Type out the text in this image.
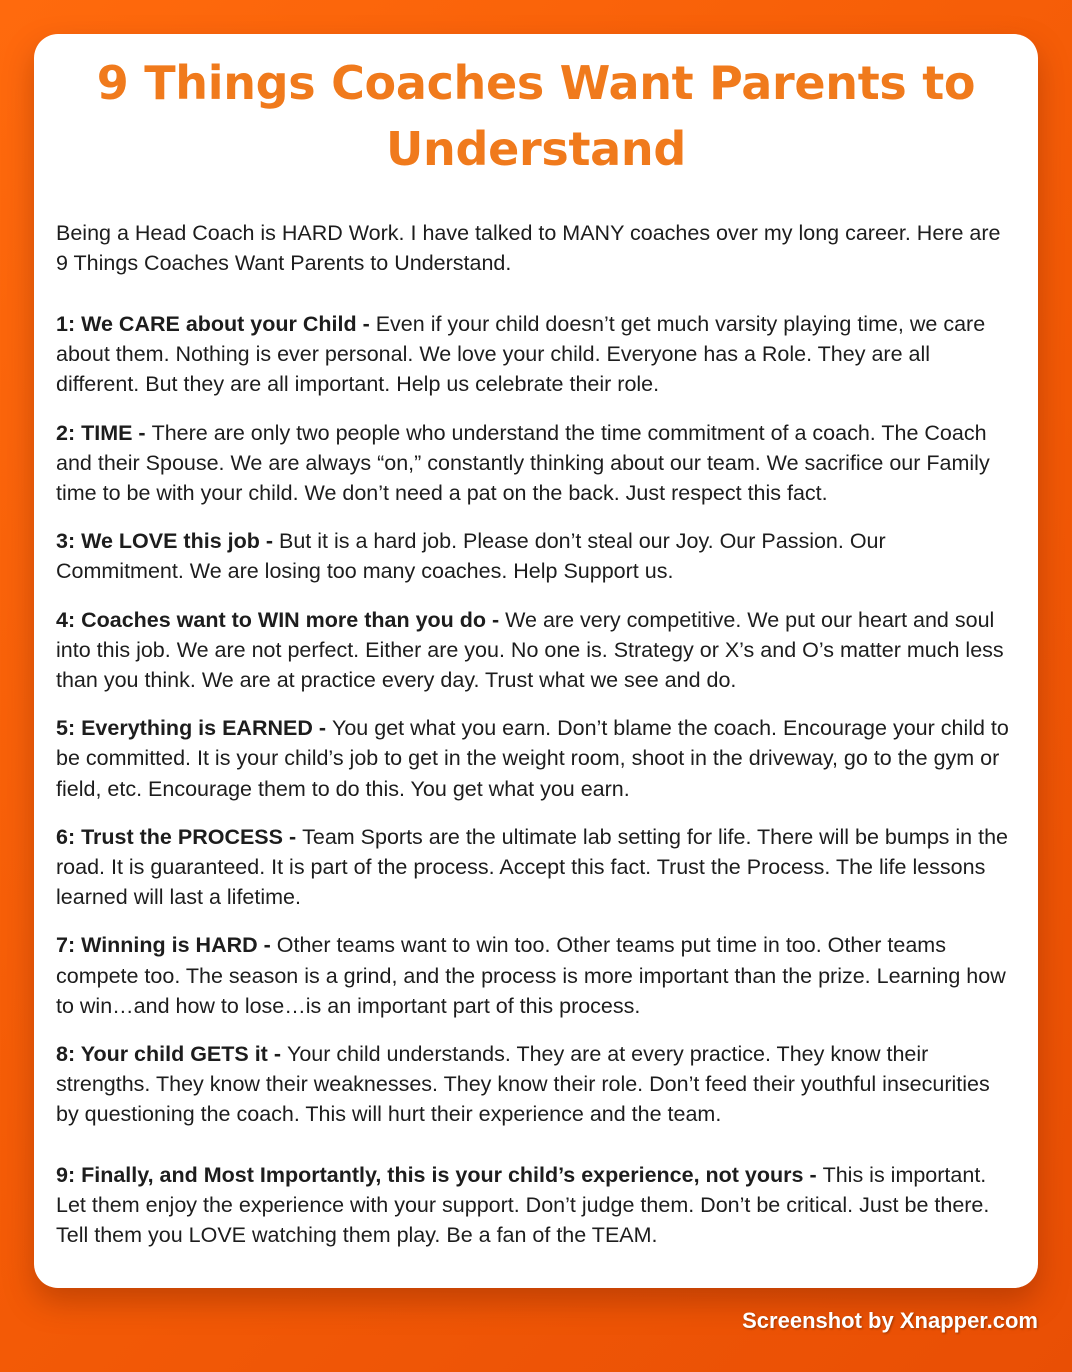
9 Things Coaches Want Parents to Understand

Being a Head Coach is HARD Work. I have talked to MANY coaches over my long career. Here are 9 Things Coaches Want Parents to Understand.

1: We CARE about your Child - Even if your child doesn’t get much varsity playing time, we care about them. Nothing is ever personal. We love your child. Everyone has a Role. They are all different. But they are all important. Help us celebrate their role.

2: TIME - There are only two people who understand the time commitment of a coach. The Coach and their Spouse. We are always “on,” constantly thinking about our team. We sacrifice our Family time to be with your child. We don’t need a pat on the back. Just respect this fact.

3: We LOVE this job - But it is a hard job. Please don’t steal our Joy. Our Passion. Our Commitment. We are losing too many coaches. Help Support us.

4: Coaches want to WIN more than you do - We are very competitive. We put our heart and soul into this job. We are not perfect. Either are you. No one is. Strategy or X’s and O’s matter much less than you think. We are at practice every day. Trust what we see and do.

5: Everything is EARNED - You get what you earn. Don’t blame the coach. Encourage your child to be committed. It is your child’s job to get in the weight room, shoot in the driveway, go to the gym or field, etc. Encourage them to do this. You get what you earn.

6: Trust the PROCESS - Team Sports are the ultimate lab setting for life. There will be bumps in the road. It is guaranteed. It is part of the process. Accept this fact. Trust the Process. The life lessons learned will last a lifetime.

7: Winning is HARD - Other teams want to win too. Other teams put time in too. Other teams compete too. The season is a grind, and the process is more important than the prize. Learning how to win…and how to lose…is an important part of this process.

8: Your child GETS it - Your child understands. They are at every practice. They know their strengths. They know their weaknesses. They know their role. Don’t feed their youthful insecurities by questioning the coach. This will hurt their experience and the team.

9: Finally, and Most Importantly, this is your child’s experience, not yours - This is important. Let them enjoy the experience with your support. Don’t judge them. Don’t be critical. Just be there. Tell them you LOVE watching them play. Be a fan of the TEAM.

Screenshot by Xnapper.com
